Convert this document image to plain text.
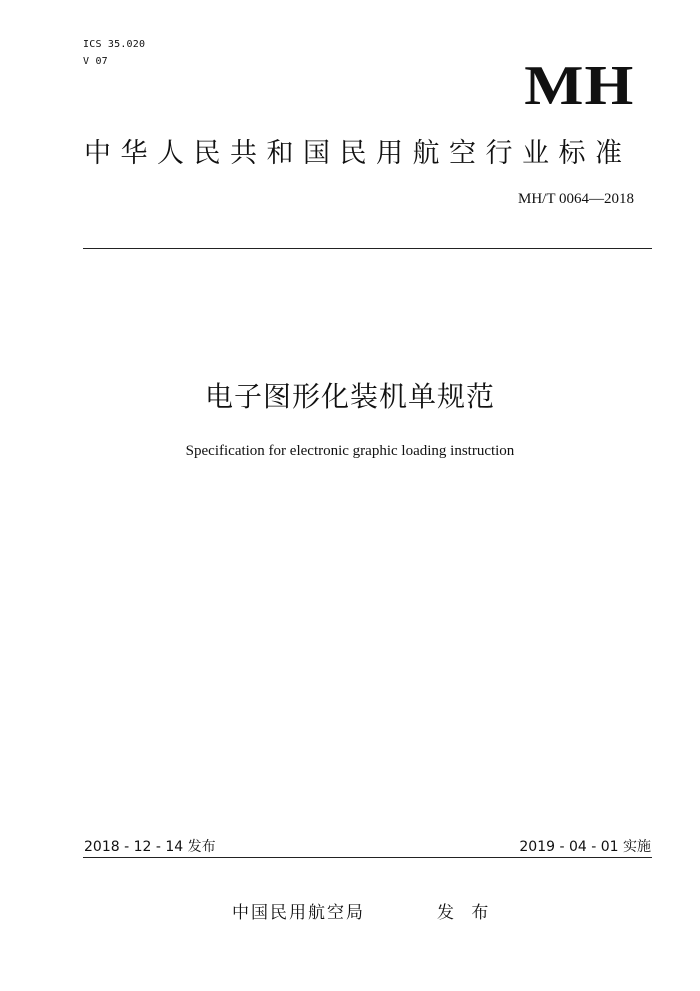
ICS 35.020
V 07	MH
中华人民共和国民用航空行业标准
MH/T 0064—2018
电子图形化装机单规范
Specification for electronic graphic loading instruction
2018 - 12 - 14 发布	2019 - 04 - 01 实施
中国民用航空局	发 布
